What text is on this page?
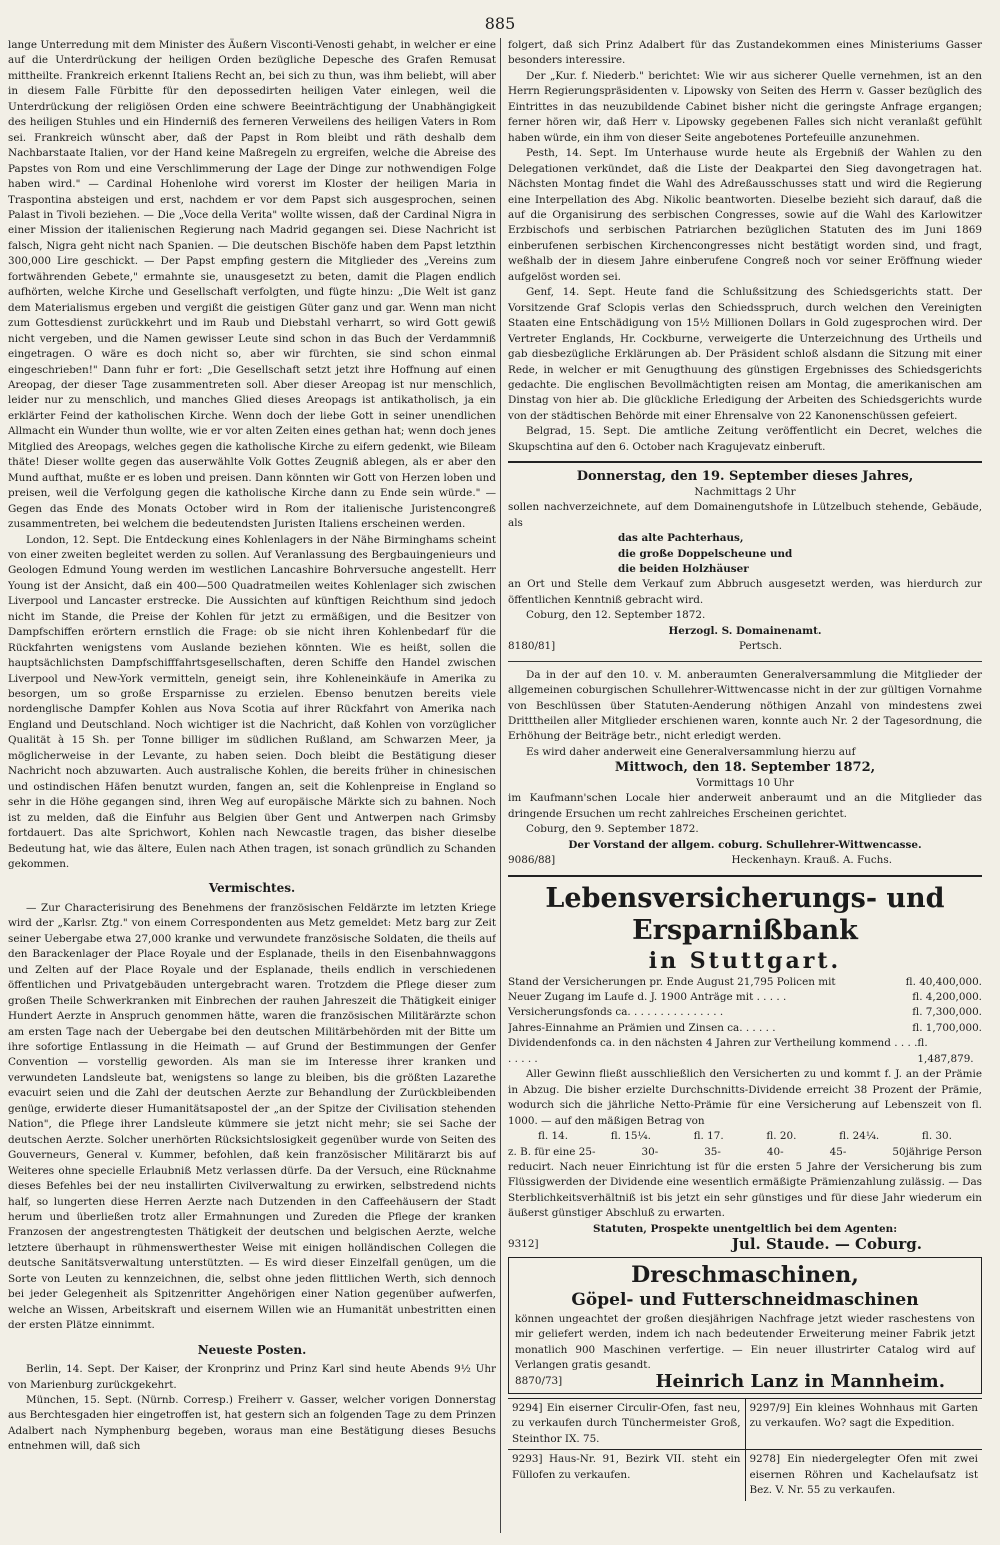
885

lange Unterredung mit dem Minister des Äußern Visconti-Venosti gehabt, in welcher er eine auf die Unterdrückung der heiligen Orden bezügliche Depesche des Grafen Remusat mittheilte. Frankreich erkennt Italiens Recht an, bei sich zu thun, was ihm beliebt, will aber in diesem Falle Fürbitte für den depossedirten heiligen Vater einlegen, weil die Unterdrückung der religiösen Orden eine schwere Beeinträchtigung der Unabhängigkeit des heiligen Stuhles und ein Hinderniß des ferneren Verweilens des heiligen Vaters in Rom sei. Frankreich wünscht aber, daß der Papst in Rom bleibt und räth deshalb dem Nachbarstaate Italien, vor der Hand keine Maßregeln zu ergreifen, welche die Abreise des Papstes von Rom und eine Verschlimmerung der Lage der Dinge zur nothwendigen Folge haben wird." — Cardinal Hohenlohe wird vorerst im Kloster der heiligen Maria in Traspontina absteigen und erst, nachdem er vor dem Papst sich ausgesprochen, seinen Palast in Tivoli beziehen. — Die „Voce della Verita" wollte wissen, daß der Cardinal Nigra in einer Mission der italienischen Regierung nach Madrid gegangen sei. Diese Nachricht ist falsch, Nigra geht nicht nach Spanien. — Die deutschen Bischöfe haben dem Papst letzthin 300,000 Lire geschickt. — Der Papst empfing gestern die Mitglieder des „Vereins zum fortwährenden Gebete," ermahnte sie, unausgesetzt zu beten, damit die Plagen endlich aufhörten, welche Kirche und Gesellschaft verfolgten, und fügte hinzu: „Die Welt ist ganz dem Materialismus ergeben und vergißt die geistigen Güter ganz und gar. Wenn man nicht zum Gottesdienst zurückkehrt und im Raub und Diebstahl verharrt, so wird Gott gewiß nicht vergeben, und die Namen gewisser Leute sind schon in das Buch der Verdammniß eingetragen. O wäre es doch nicht so, aber wir fürchten, sie sind schon einmal eingeschrieben!" Dann fuhr er fort: „Die Gesellschaft setzt jetzt ihre Hoffnung auf einen Areopag, der dieser Tage zusammentreten soll. Aber dieser Areopag ist nur menschlich, leider nur zu menschlich, und manches Glied dieses Areopags ist antikatholisch, ja ein erklärter Feind der katholischen Kirche. Wenn doch der liebe Gott in seiner unendlichen Allmacht ein Wunder thun wollte, wie er vor alten Zeiten eines gethan hat; wenn doch jenes Mitglied des Areopags, welches gegen die katholische Kirche zu eifern gedenkt, wie Bileam thäte! Dieser wollte gegen das auserwählte Volk Gottes Zeugniß ablegen, als er aber den Mund aufthat, mußte er es loben und preisen. Dann könnten wir Gott von Herzen loben und preisen, weil die Verfolgung gegen die katholische Kirche dann zu Ende sein würde." — Gegen das Ende des Monats October wird in Rom der italienische Juristencongreß zusammentreten, bei welchem die bedeutendsten Juristen Italiens erscheinen werden.

London, 12. Sept. Die Entdeckung eines Kohlenlagers in der Nähe Birminghams scheint von einer zweiten begleitet werden zu sollen. Auf Veranlassung des Bergbauingenieurs und Geologen Edmund Young werden im westlichen Lancashire Bohrversuche angestellt. Herr Young ist der Ansicht, daß ein 400—500 Quadratmeilen weites Kohlenlager sich zwischen Liverpool und Lancaster erstrecke. Die Aussichten auf künftigen Reichthum sind jedoch nicht im Stande, die Preise der Kohlen für jetzt zu ermäßigen, und die Besitzer von Dampfschiffen erörtern ernstlich die Frage: ob sie nicht ihren Kohlenbedarf für die Rückfahrten wenigstens vom Auslande beziehen könnten. Wie es heißt, sollen die hauptsächlichsten Dampfschifffahrtsgesellschaften, deren Schiffe den Handel zwischen Liverpool und New-York vermitteln, geneigt sein, ihre Kohleneinkäufe in Amerika zu besorgen, um so große Ersparnisse zu erzielen. Ebenso benutzen bereits viele nordenglische Dampfer Kohlen aus Nova Scotia auf ihrer Rückfahrt von Amerika nach England und Deutschland. Noch wichtiger ist die Nachricht, daß Kohlen von vorzüglicher Qualität à 15 Sh. per Tonne billiger im südlichen Rußland, am Schwarzen Meer, ja möglicherweise in der Levante, zu haben seien. Doch bleibt die Bestätigung dieser Nachricht noch abzuwarten. Auch australische Kohlen, die bereits früher in chinesischen und ostindischen Häfen benutzt wurden, fangen an, seit die Kohlenpreise in England so sehr in die Höhe gegangen sind, ihren Weg auf europäische Märkte sich zu bahnen. Noch ist zu melden, daß die Einfuhr aus Belgien über Gent und Antwerpen nach Grimsby fortdauert. Das alte Sprichwort, Kohlen nach Newcastle tragen, das bisher dieselbe Bedeutung hat, wie das ältere, Eulen nach Athen tragen, ist sonach gründlich zu Schanden gekommen.

Vermischtes.

— Zur Characterisirung des Benehmens der französischen Feldärzte im letzten Kriege wird der „Karlsr. Ztg." von einem Correspondenten aus Metz gemeldet: Metz barg zur Zeit seiner Uebergabe etwa 27,000 kranke und verwundete französische Soldaten, die theils auf den Barackenlager der Place Royale und der Esplanade, theils in den Eisenbahnwaggons und Zelten auf der Place Royale und der Esplanade, theils endlich in verschiedenen öffentlichen und Privatgebäuden untergebracht waren. Trotzdem die Pflege dieser zum großen Theile Schwerkranken mit Einbrechen der rauhen Jahreszeit die Thätigkeit einiger Hundert Aerzte in Anspruch genommen hätte, waren die französischen Militärärzte schon am ersten Tage nach der Uebergabe bei den deutschen Militärbehörden mit der Bitte um ihre sofortige Entlassung in die Heimath — auf Grund der Bestimmungen der Genfer Convention — vorstellig geworden. Als man sie im Interesse ihrer kranken und verwundeten Landsleute bat, wenigstens so lange zu bleiben, bis die größten Lazarethe evacuirt seien und die Zahl der deutschen Aerzte zur Behandlung der Zurückbleibenden genüge, erwiderte dieser Humanitätsapostel der „an der Spitze der Civilisation stehenden Nation", die Pflege ihrer Landsleute kümmere sie jetzt nicht mehr; sie sei Sache der deutschen Aerzte. Solcher unerhörten Rücksichtslosigkeit gegenüber wurde von Seiten des Gouverneurs, General v. Kummer, befohlen, daß kein französischer Militärarzt bis auf Weiteres ohne specielle Erlaubniß Metz verlassen dürfe. Da der Versuch, eine Rücknahme dieses Befehles bei der neu installirten Civilverwaltung zu erwirken, selbstredend nichts half, so lungerten diese Herren Aerzte nach Dutzenden in den Caffeehäusern der Stadt herum und überließen trotz aller Ermahnungen und Zureden die Pflege der kranken Franzosen der angestrengtesten Thätigkeit der deutschen und belgischen Aerzte, welche letztere überhaupt in rühmenswerthester Weise mit einigen holländischen Collegen die deutsche Sanitätsverwaltung unterstützten. — Es wird dieser Einzelfall genügen, um die Sorte von Leuten zu kennzeichnen, die, selbst ohne jeden flittlichen Werth, sich dennoch bei jeder Gelegenheit als Spitzenritter Angehörigen einer Nation gegenüber aufwerfen, welche an Wissen, Arbeitskraft und eisernem Willen wie an Humanität unbestritten einen der ersten Plätze einnimmt.

Neueste Posten.

Berlin, 14. Sept. Der Kaiser, der Kronprinz und Prinz Karl sind heute Abends 9½ Uhr von Marienburg zurückgekehrt.

München, 15. Sept. (Nürnb. Corresp.) Freiherr v. Gasser, welcher vorigen Donnerstag aus Berchtesgaden hier eingetroffen ist, hat gestern sich an folgenden Tage zu dem Prinzen Adalbert nach Nymphenburg begeben, woraus man eine Bestätigung dieses Besuchs entnehmen will, daß sich

folgert, daß sich Prinz Adalbert für das Zustandekommen eines Ministeriums Gasser besonders interessire.

Der „Kur. f. Niederb." berichtet: Wie wir aus sicherer Quelle vernehmen, ist an den Herrn Regierungspräsidenten v. Lipowsky von Seiten des Herrn v. Gasser bezüglich des Eintrittes in das neuzubildende Cabinet bisher nicht die geringste Anfrage ergangen; ferner hören wir, daß Herr v. Lipowsky gegebenen Falles sich nicht veranlaßt gefühlt haben würde, ein ihm von dieser Seite angebotenes Portefeuille anzunehmen.

Pesth, 14. Sept. Im Unterhause wurde heute als Ergebniß der Wahlen zu den Delegationen verkündet, daß die Liste der Deakpartei den Sieg davongetragen hat. Nächsten Montag findet die Wahl des Adreßausschusses statt und wird die Regierung eine Interpellation des Abg. Nikolic beantworten. Dieselbe bezieht sich darauf, daß die auf die Organisirung des serbischen Congresses, sowie auf die Wahl des Karlowitzer Erzbischofs und serbischen Patriarchen bezüglichen Statuten des im Juni 1869 einberufenen serbischen Kirchencongresses nicht bestätigt worden sind, und fragt, weßhalb der in diesem Jahre einberufene Congreß noch vor seiner Eröffnung wieder aufgelöst worden sei.

Genf, 14. Sept. Heute fand die Schlußsitzung des Schiedsgerichts statt. Der Vorsitzende Graf Sclopis verlas den Schiedsspruch, durch welchen den Vereinigten Staaten eine Entschädigung von 15½ Millionen Dollars in Gold zugesprochen wird. Der Vertreter Englands, Hr. Cockburne, verweigerte die Unterzeichnung des Urtheils und gab diesbezügliche Erklärungen ab. Der Präsident schloß alsdann die Sitzung mit einer Rede, in welcher er mit Genugthuung des günstigen Ergebnisses des Schiedsgerichts gedachte. Die englischen Bevollmächtigten reisen am Montag, die amerikanischen am Dinstag von hier ab. Die glückliche Erledigung der Arbeiten des Schiedsgerichts wurde von der städtischen Behörde mit einer Ehrensalve von 22 Kanonenschüssen gefeiert.

Belgrad, 15. Sept. Die amtliche Zeitung veröffentlicht ein Decret, welches die Skupschtina auf den 6. October nach Kragujevatz einberuft.

Donnerstag, den 19. September dieses Jahres,
Nachmittags 2 Uhr

sollen nachverzeichnete, auf dem Domainengutshofe in Lützelbuch stehende, Gebäude, als

das alte Pachterhaus,
die große Doppelscheune und
die beiden Holzhäuser

an Ort und Stelle dem Verkauf zum Abbruch ausgesetzt werden, was hierdurch zur öffentlichen Kenntniß gebracht wird.

Coburg, den 12. September 1872.

Herzogl. S. Domainenamt.
8180/81]	Pertsch.

Da in der auf den 10. v. M. anberaumten Generalversammlung die Mitglieder der allgemeinen coburgischen Schullehrer-Wittwencasse nicht in der zur gültigen Vornahme von Beschlüssen über Statuten-Aenderung nöthigen Anzahl von mindestens zwei Dritttheilen aller Mitglieder erschienen waren, konnte auch Nr. 2 der Tagesordnung, die Erhöhung der Beiträge betr., nicht erledigt werden.

Es wird daher anderweit eine Generalversammlung hierzu auf

Mittwoch, den 18. September 1872,
Vormittags 10 Uhr

im Kaufmann'schen Locale hier anderweit anberaumt und an die Mitglieder das dringende Ersuchen um recht zahlreiches Erscheinen gerichtet.

Coburg, den 9. September 1872.

Der Vorstand der allgem. coburg. Schullehrer-Wittwencasse.
9086/88]	Heckenhayn. Krauß. A. Fuchs.
Lebensversicherungs- und Ersparnißbank
in Stuttgart.
Stand der Versicherungen pr. Ende August 21,795 Policen mit	fl. 40,400,000.
Neuer Zugang im Laufe d. J. 1900 Anträge mit . . . . .	fl. 4,200,000.
Versicherungsfonds ca. . . . . . . . . . . . . . .	fl. 7,300,000.
Jahres-Einnahme an Prämien und Zinsen ca. . . . . .	fl. 1,700,000.
Dividendenfonds ca. in den nächsten 4 Jahren zur Vertheilung kommend . . . . . . . . .
fl. 1,487,879.

Aller Gewinn fließt ausschließlich den Versicherten zu und kommt f. J. an der Prämie in Abzug. Die bisher erzielte Durchschnitts-Dividende erreicht 38 Prozent der Prämie, wodurch sich die jährliche Netto-Prämie für eine Versicherung auf Lebenszeit von fl. 1000. — auf den mäßigen Betrag von

fl. 14.	fl. 15¼.	fl. 17.	fl. 20.	fl. 24¼.	fl. 30.
z. B. für eine 25-	30-	35-	40-	45-	50jährige Person

reducirt. Nach neuer Einrichtung ist für die ersten 5 Jahre der Versicherung bis zum Flüssigwerden der Dividende eine wesentlich ermäßigte Prämienzahlung zulässig. — Das Sterblichkeitsverhältniß ist bis jetzt ein sehr günstiges und für diese Jahr wiederum ein äußerst günstiger Abschluß zu erwarten.

Statuten, Prospekte unentgeltlich bei dem Agenten:
9312]	Jul. Staude. — Coburg.
Dreschmaschinen,
Göpel- und Futterschneidmaschinen

können ungeachtet der großen diesjährigen Nachfrage jetzt wieder raschestens von mir geliefert werden, indem ich nach bedeutender Erweiterung meiner Fabrik jetzt monatlich 900 Maschinen verfertige. — Ein neuer illustrirter Catalog wird auf Verlangen gratis gesandt.

8870/73]	Heinrich Lanz in Mannheim.
9294] Ein eiserner Circulir-Ofen, fast neu, zu verkaufen durch Tünchermeister Groß, Steinthor IX. 75.
9297/9] Ein kleines Wohnhaus mit Garten zu verkaufen. Wo? sagt die Expedition.
9293] Haus-Nr. 91, Bezirk VII. steht ein Füllofen zu verkaufen.
9278] Ein niedergelegter Ofen mit zwei eisernen Röhren und Kachelaufsatz ist Bez. V. Nr. 55 zu verkaufen.
